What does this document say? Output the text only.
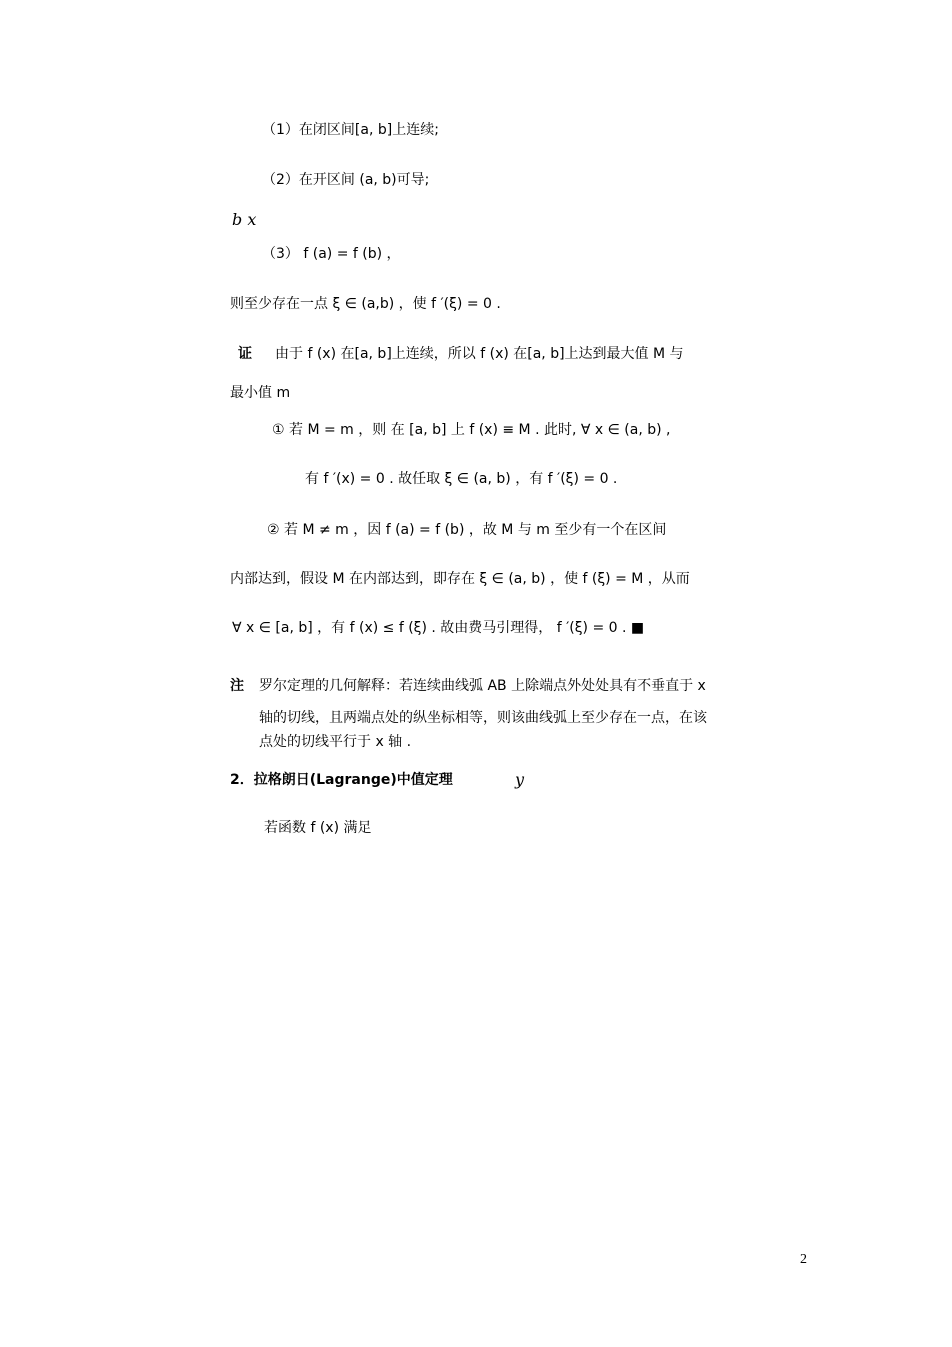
（1）在闭区间[a, b]上连续;
（2）在开区间 (a, b)可导;
b x
（3） f (a) = f (b) ，
则至少存在一点 ξ ∈ (a,b) ，使 f ′(ξ) = 0 .
证 由于 f (x) 在[a, b]上连续，所以 f (x) 在[a, b]上达到最大值 M 与
最小值 m
① 若 M = m ，则 在 [a, b] 上 f (x) ≡ M . 此时, ∀ x ∈ (a, b) ,
有 f ′(x) = 0 . 故任取 ξ ∈ (a, b) ，有 f ′(ξ) = 0 .
② 若 M ≠ m ，因 f (a) = f (b) ，故 M 与 m 至少有一个在区间
内部达到，假设 M 在内部达到，即存在 ξ ∈ (a, b) ，使 f (ξ) = M ，从而
∀ x ∈ [a, b] ，有 f (x) ≤ f (ξ) . 故由费马引理得， f ′(ξ) = 0 . ■
注 罗尔定理的几何解释：若连续曲线弧 AB 上除端点外处处具有不垂直于 x
轴的切线，且两端点处的纵坐标相等，则该曲线弧上至少存在一点，在该
点处的切线平行于 x 轴 .
2．拉格朗日(Lagrange)中值定理	y
若函数 f (x) 满足
2
